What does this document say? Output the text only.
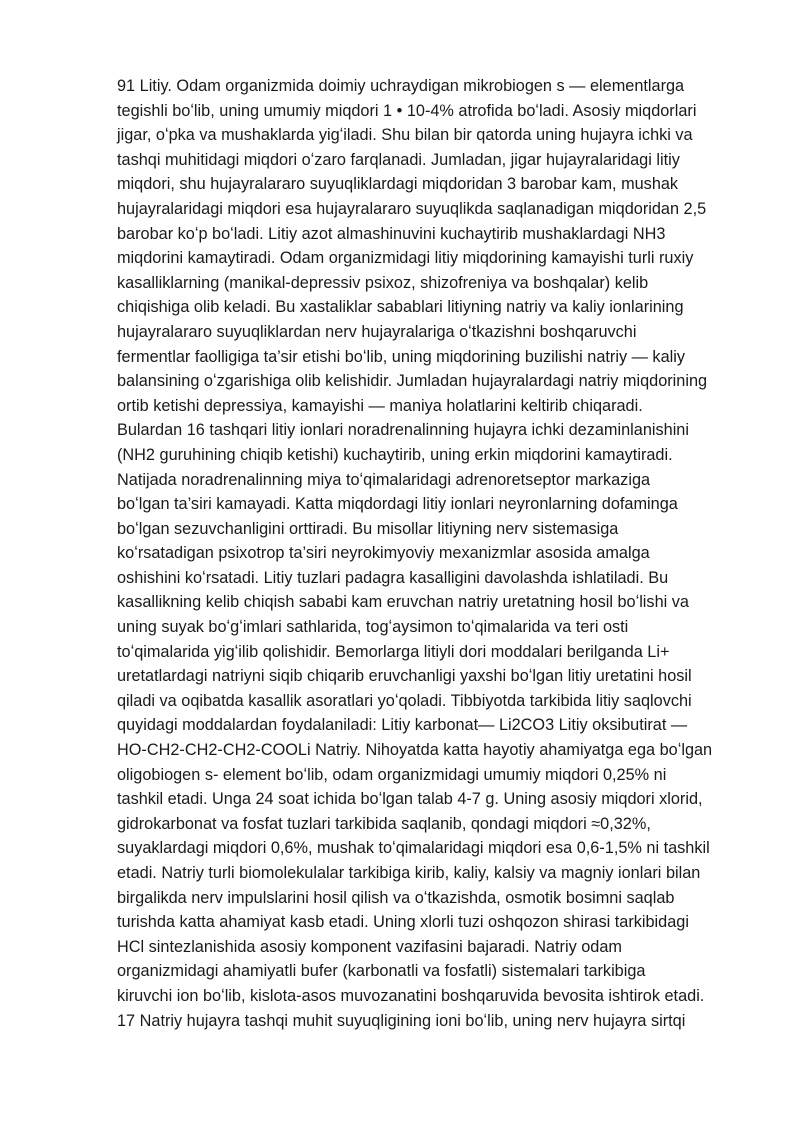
91 Litiy. Odam organizmida doimiy uchraydigan mikrobiogen s — elementlarga
tegishli boʻlib, uning umumiy miqdori 1 • 10-4% atrofida boʻladi. Asosiy miqdorlari
jigar, oʻpka va mushaklarda yigʻiladi. Shu bilan bir qatorda uning hujayra ichki va
tashqi muhitidagi miqdori oʻzaro farqlanadi. Jumladan, jigar hujayralaridagi litiy
miqdori, shu hujayralararo suyuqliklardagi miqdoridan 3 barobar kam, mushak
hujayralaridagi miqdori esa hujayralararo suyuqlikda saqlanadigan miqdoridan 2,5
barobar koʻp boʻladi. Litiy azot almashinuvini kuchaytirib mushaklardagi NH3
miqdorini kamaytiradi. Odam organizmidagi litiy miqdorining kamayishi turli ruxiy
kasalliklarning (manikal-depressiv psixoz, shizofreniya va boshqalar) kelib
chiqishiga olib keladi. Bu xastaliklar sabablari litiyning natriy va kaliy ionlarining
hujayralararo suyuqliklardan nerv hujayralariga oʻtkazishni boshqaruvchi
fermentlar faolligiga ta’sir etishi boʻlib, uning miqdorining buzilishi natriy — kaliy
balansining oʻzgarishiga olib kelishidir. Jumladan hujayralardagi natriy miqdorining
ortib ketishi depressiya, kamayishi — maniya holatlarini keltirib chiqaradi.
Bulardan 16 tashqari litiy ionlari noradrenalinning hujayra ichki dezaminlanishini
(NH2 guruhining chiqib ketishi) kuchaytirib, uning erkin miqdorini kamaytiradi.
Natijada noradrenalinning miya toʻqimalaridagi adrenoretseptor markaziga
boʻlgan ta’siri kamayadi. Katta miqdordagi litiy ionlari neyronlarning dofaminga
boʻlgan sezuvchanligini orttiradi. Bu misollar litiyning nerv sistemasiga
koʻrsatadigan psixotrop ta’siri neyrokimyoviy mexanizmlar asosida amalga
oshishini koʻrsatadi. Litiy tuzlari padagra kasalligini davolashda ishlatiladi. Bu
kasallikning kelib chiqish sababi kam eruvchan natriy uretatning hosil boʻlishi va
uning suyak boʻgʻimlari sathlarida, togʻaysimon toʻqimalarida va teri osti
toʻqimalarida yigʻilib qolishidir. Bemorlarga litiyli dori moddalari berilganda Li+
uretatlardagi natriyni siqib chiqarib eruvchanligi yaxshi boʻlgan litiy uretatini hosil
qiladi va oqibatda kasallik asoratlari yoʻqoladi. Tibbiyotda tarkibida litiy saqlovchi
quyidagi moddalardan foydalaniladi: Litiy karbonat— Li2CO3 Litiy oksibutirat —
HO-CH2-CH2-CH2-COOLi Natriy. Nihoyatda katta hayotiy ahamiyatga ega boʻlgan
oligobiogen s- element boʻlib, odam organizmidagi umumiy miqdori 0,25% ni
tashkil etadi. Unga 24 soat ichida boʻlgan talab 4-7 g. Uning asosiy miqdori xlorid,
gidrokarbonat va fosfat tuzlari tarkibida saqlanib, qondagi miqdori ≈0,32%,
suyaklardagi miqdori 0,6%, mushak toʻqimalaridagi miqdori esa 0,6-1,5% ni tashkil
etadi. Natriy turli biomolekulalar tarkibiga kirib, kaliy, kalsiy va magniy ionlari bilan
birgalikda nerv impulslarini hosil qilish va oʻtkazishda, osmotik bosimni saqlab
turishda katta ahamiyat kasb etadi. Uning xlorli tuzi oshqozon shirasi tarkibidagi
HCl sintezlanishida asosiy komponent vazifasini bajaradi. Natriy odam
organizmidagi ahamiyatli bufer (karbonatli va fosfatli) sistemalari tarkibiga
kiruvchi ion boʻlib, kislota-asos muvozanatini boshqaruvida bevosita ishtirok etadi.
17 Natriy hujayra tashqi muhit suyuqligining ioni boʻlib, uning nerv hujayra sirtqi
